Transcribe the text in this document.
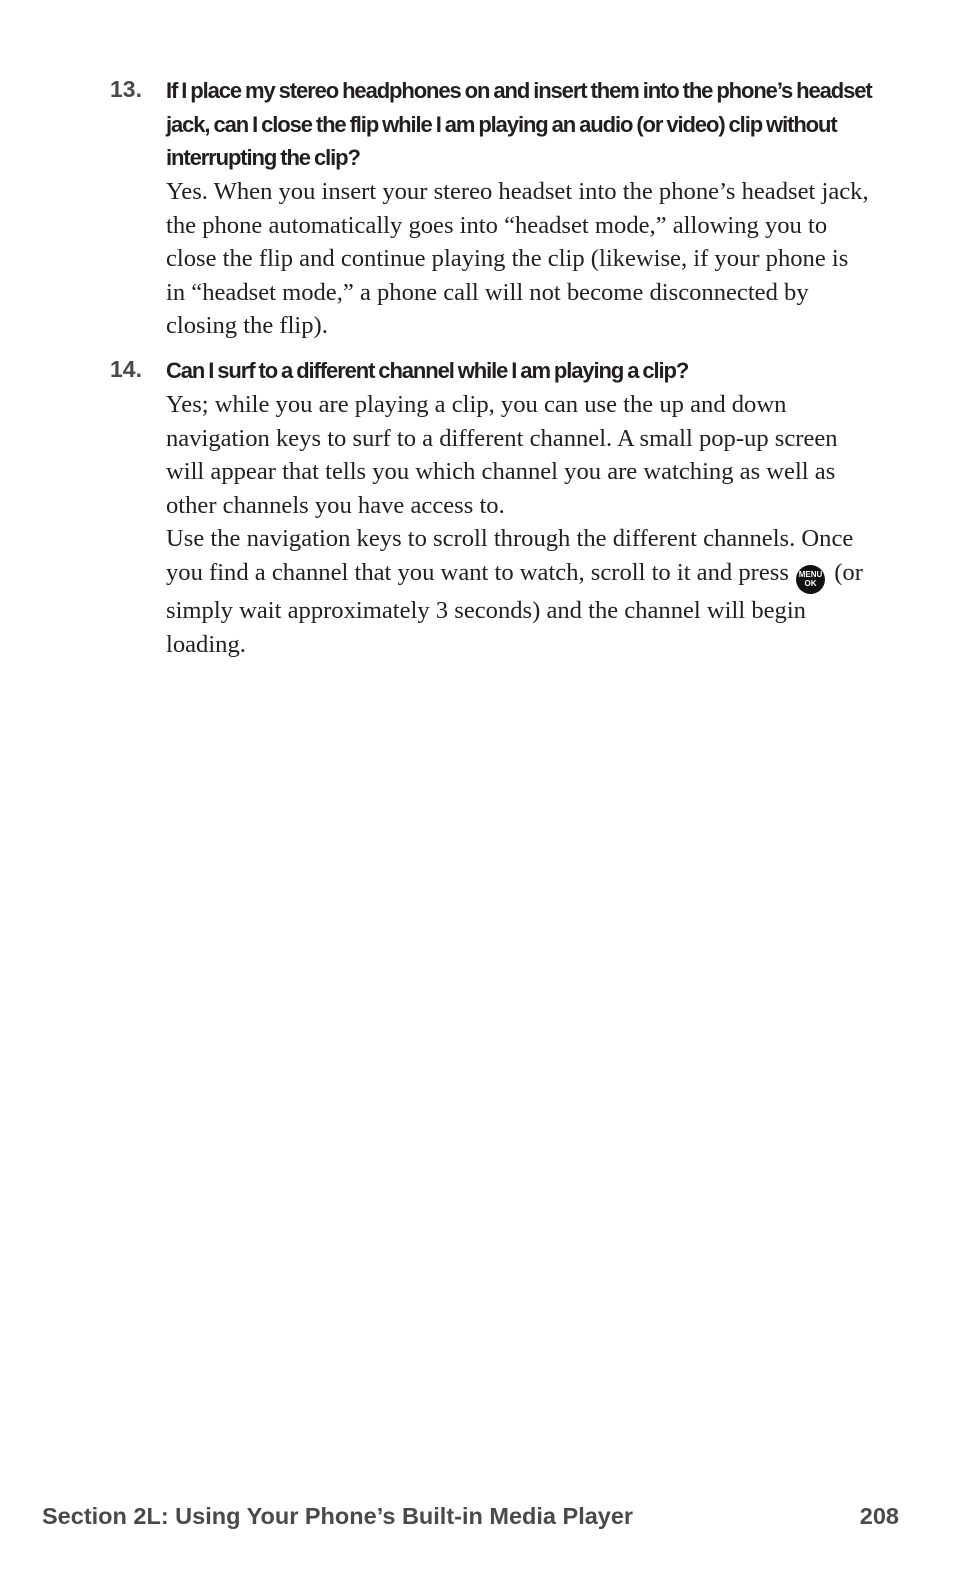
13. If I place my stereo headphones on and insert them into the phone’s headset jack, can I close the flip while I am playing an audio (or video) clip without interrupting the clip?

Yes. When you insert your stereo headset into the phone’s headset jack, the phone automatically goes into “headset mode,” allowing you to close the flip and continue playing the clip (likewise, if your phone is in “headset mode,” a phone call will not become disconnected by closing the flip).

14. Can I surf to a different channel while I am playing a clip?

Yes; while you are playing a clip, you can use the up and down navigation keys to surf to a different channel. A small pop-up screen will appear that tells you which channel you are watching as well as other channels you have access to.

Use the navigation keys to scroll through the different channels. Once you find a channel that you want to watch, scroll to it and press	MENU
OK (or simply wait approximately 3 seconds) and the channel will begin loading.

Section 2L: Using Your Phone’s Built-in Media Player	208
